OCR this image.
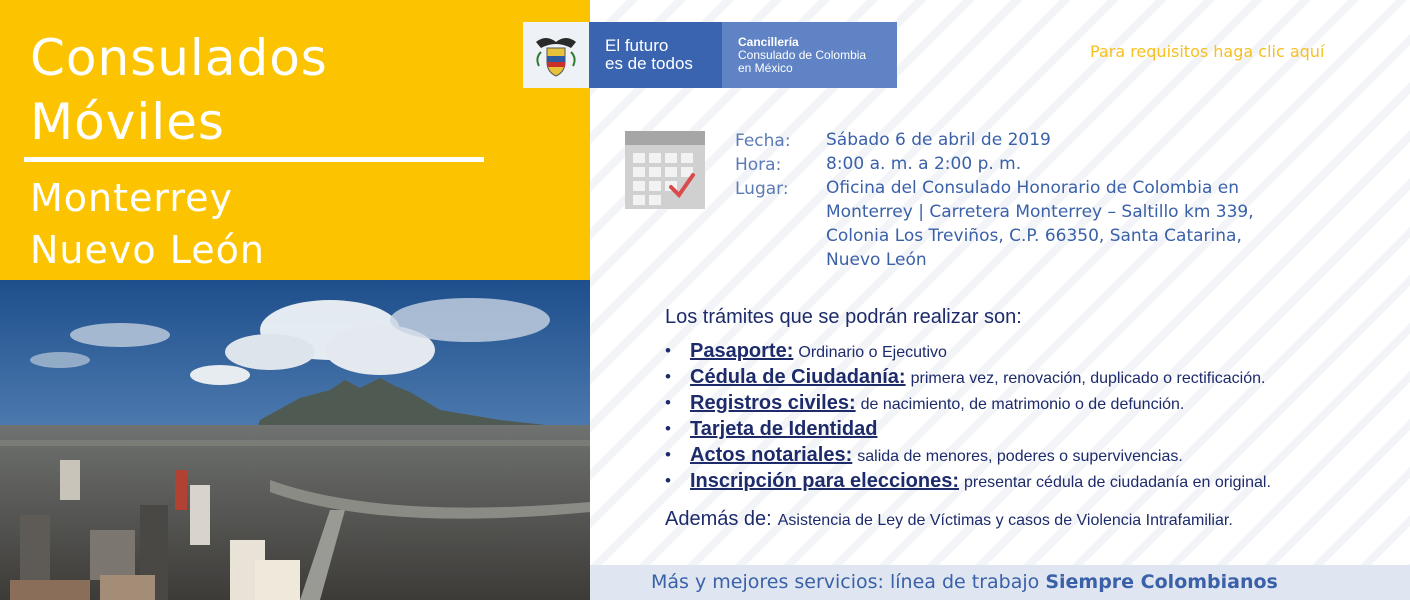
Consulados
Móviles
Monterrey
Nuevo León
El futuro
es de todos
Cancillería
Consulado de Colombia
en México
Para requisitos haga clic aquí
Fecha: Sábado 6 de abril de 2019
Hora:	8:00 a. m. a 2:00 p. m.
Lugar: Oficina del Consulado Honorario de Colombia en
Monterrey | Carretera Monterrey – Saltillo km 339,
Colonia Los Treviños, C.P. 66350, Santa Catarina,
Nuevo León
Los trámites que se podrán realizar son:
• Pasaporte: Ordinario o Ejecutivo
• Cédula de Ciudadanía: primera vez, renovación, duplicado o rectificación.
• Registros civiles: de nacimiento, de matrimonio o de defunción.
• Tarjeta de Identidad
• Actos notariales: salida de menores, poderes o supervivencias.
• Inscripción para elecciones: presentar cédula de ciudadanía en original.
Además de: Asistencia de Ley de Víctimas y casos de Violencia Intrafamiliar.
Más y mejores servicios: línea de trabajo Siempre Colombianos
